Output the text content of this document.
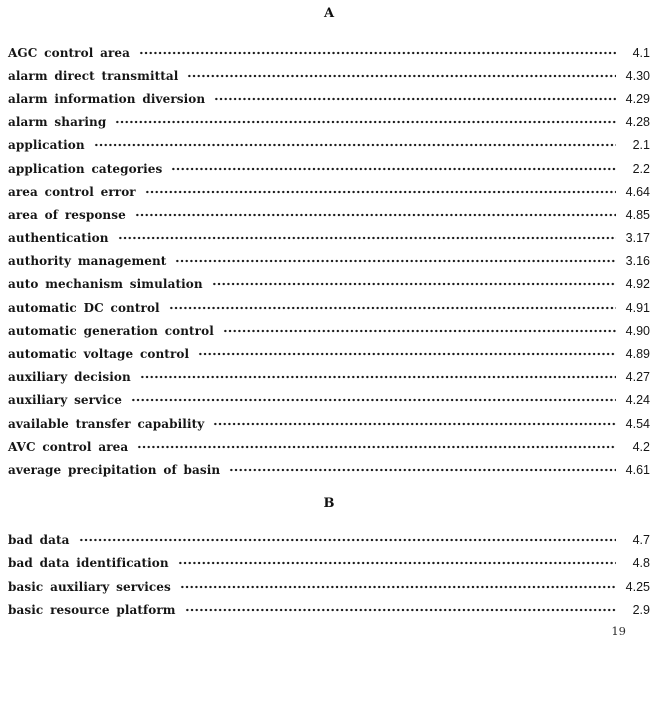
A
AGC control area	4.1
alarm direct transmittal	4.30
alarm information diversion	4.29
alarm sharing	4.28
application	2.1
application categories	2.2
area control error	4.64
area of response	4.85
authentication	3.17
authority management	3.16
auto mechanism simulation	4.92
automatic DC control	4.91
automatic generation control	4.90
automatic voltage control	4.89
auxiliary decision	4.27
auxiliary service	4.24
available transfer capability	4.54
AVC control area	4.2
average precipitation of basin	4.61
B
bad data	4.7
bad data identification	4.8
basic auxiliary services	4.25
basic resource platform	2.9
19
